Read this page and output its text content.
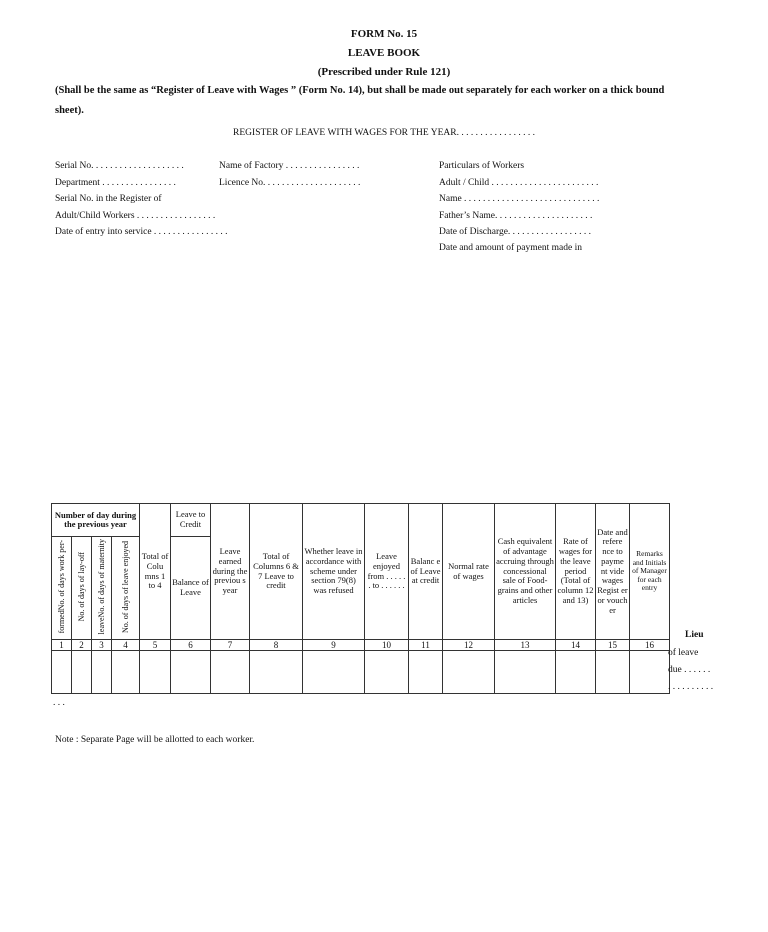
FORM No. 15
LEAVE BOOK
(Prescribed under Rule 121)
(Shall be the same as “Register of Leave with Wages ” (Form No. 14), but shall be made out separately for each worker on a thick bound
sheet).
REGISTER OF LEAVE WITH WAGES FOR THE YEAR. . . . . . . . . . . . . . . . .
Serial No. . . . . . . . . . . . . . . . . . . .
Department . . . . . . . . . . . . . . . .
Serial No. in the Register of
Adult/Child Workers . . . . . . . . . . . . . . . . .
Date of entry into service . . . . . . . . . . . . . . . .
Name of Factory . . . . . . . . . . . . . . . .
Licence No. . . . . . . . . . . . . . . . . . . . .
Particulars of Workers
Adult / Child . . . . . . . . . . . . . . . . . . . . . . .
Name . . . . . . . . . . . . . . . . . . . . . . . . . . . . .
Father’s Name. . . . . . . . . . . . . . . . . . . . .
Date of Discharge. . . . . . . . . . . . . . . . . .
Date and amount of payment made in
Number of day during the previous year				Total of Colu mns 1 to 4	Leave to Credit	Leave earned during the previou s year	Total of Columns 6 & 7 Leave to credit	Whether leave in accordance with scheme under section 79(8) was refused	Leave enjoyed from . . . . . . to . . . . . .	Balanc e of Leave at credit	Normal rate of wages	Cash equivalent of advantage accruing through concessional sale of Food-grains and other articles	Rate of wages for the leave period (Total of column 12 and 13)	Date and refere nce to payme nt vide wages Regist er or vouch er	Remarks and Initials of Manager for each entry
formedNo. of days work per-	No. of days of lay-off	leaveNo. of days of maternity	No. of days of leave enjoyed		Balance of Leave										
1	2	3	4	5	6	7	8	9	10	11	12	13	14	15	16

Lieu
of leave
due . . . . . .
. . . . . . . . . .
. . .
Note : Separate Page will be allotted to each worker.
